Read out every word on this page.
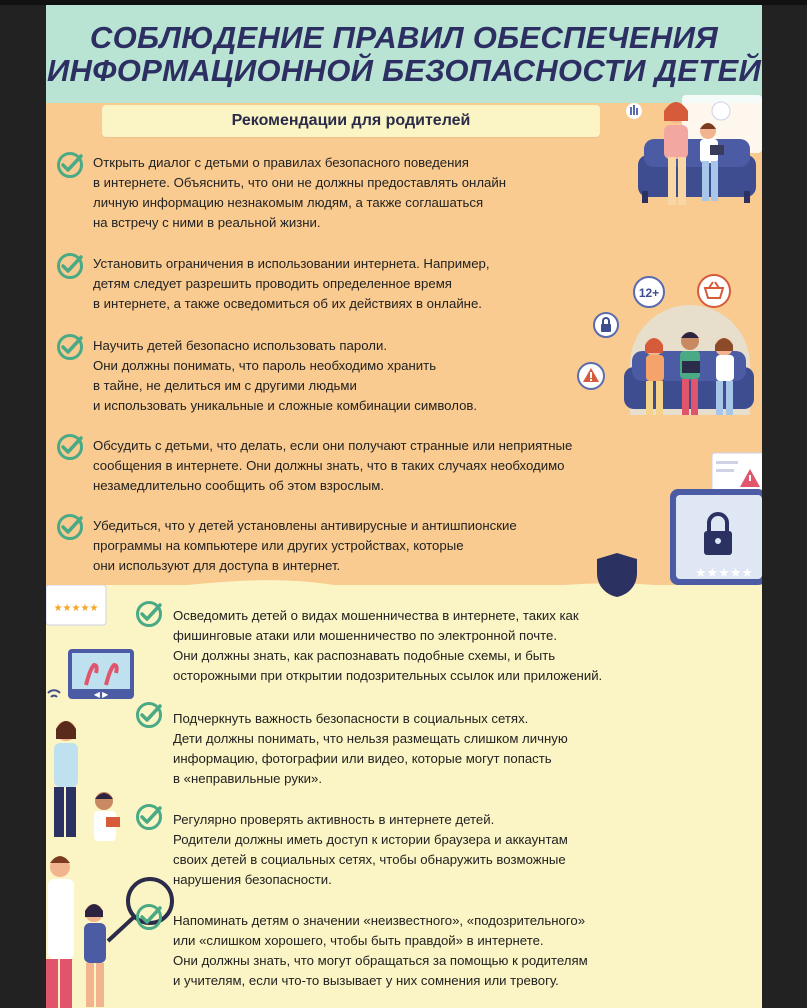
СОБЛЮДЕНИЕ ПРАВИЛ ОБЕСПЕЧЕНИЯ
ИНФОРМАЦИОННОЙ БЕЗОПАСНОСТИ ДЕТЕЙ
Рекомендации для родителей
12+
★★★★★
★★★★★
◀ ▶
Открыть диалог с детьми о правилах безопасного поведения
в интернете. Объяснить, что они не должны предоставлять онлайн
личную информацию незнакомым людям, а также соглашаться
на встречу с ними в реальной жизни.
Установить ограничения в использовании интернета. Например,
детям следует разрешить проводить определенное время
в интернете, а также осведомиться об их действиях в онлайне.
Научить детей безопасно использовать пароли.
Они должны понимать, что пароль необходимо хранить
в тайне, не делиться им с другими людьми
и использовать уникальные и сложные комбинации символов.
Обсудить с детьми, что делать, если они получают странные или неприятные
сообщения в интернете. Они должны знать, что в таких случаях необходимо
незамедлительно сообщить об этом взрослым.
Убедиться, что у детей установлены антивирусные и антишпионские
программы на компьютере или других устройствах, которые
они используют для доступа в интернет.
Осведомить детей о видах мошенничества в интернете, таких как
фишинговые атаки или мошенничество по электронной почте.
Они должны знать, как распознавать подобные схемы, и быть
осторожными при открытии подозрительных ссылок или приложений.
Подчеркнуть важность безопасности в социальных сетях.
Дети должны понимать, что нельзя размещать слишком личную
информацию, фотографии или видео, которые могут попасть
в «неправильные руки».
Регулярно проверять активность в интернете детей.
Родители должны иметь доступ к истории браузера и аккаунтам
своих детей в социальных сетях, чтобы обнаружить возможные
нарушения безопасности.
Напоминать детям о значении «неизвестного», «подозрительного»
или «слишком хорошего, чтобы быть правдой» в интернете.
Они должны знать, что могут обращаться за помощью к родителям
и учителям, если что-то вызывает у них сомнения или тревогу.
